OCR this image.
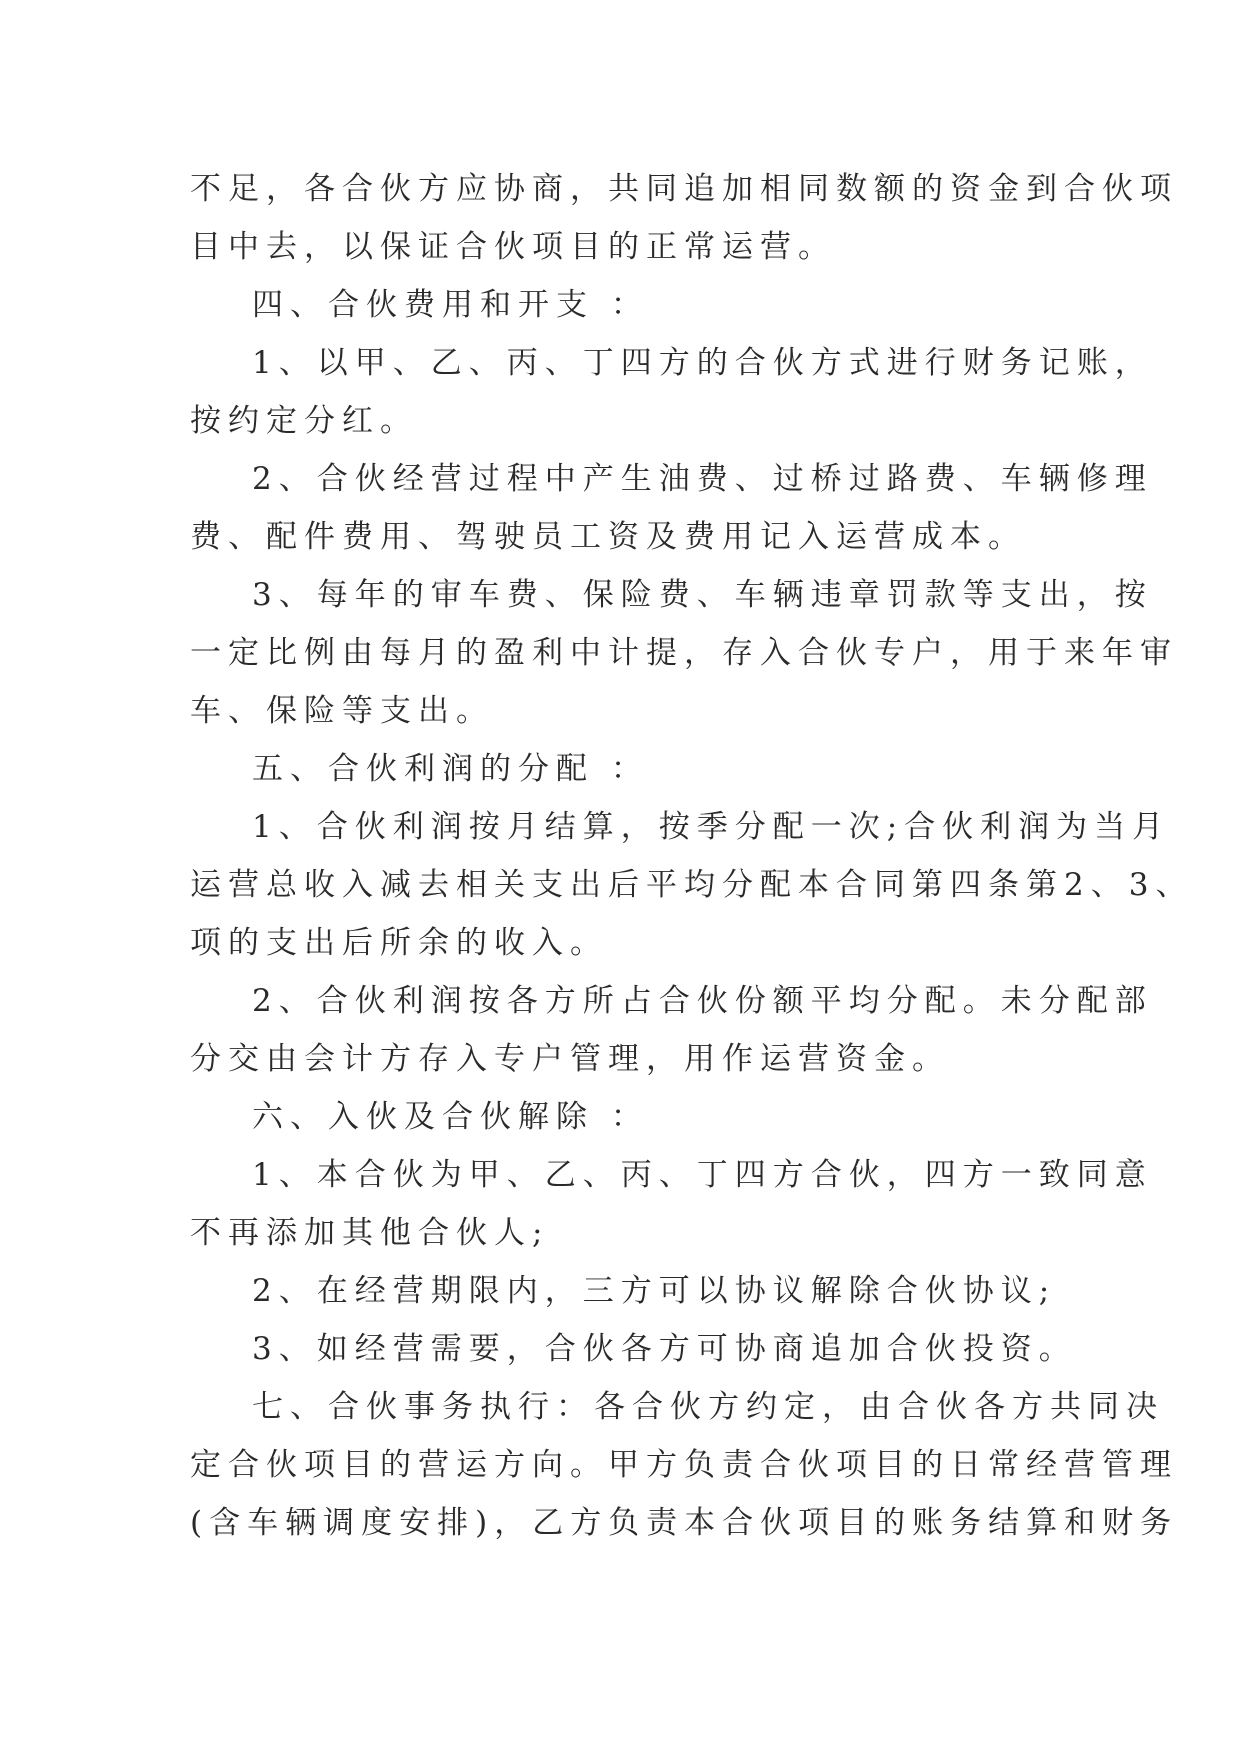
不足，各合伙方应协商，共同追加相同数额的资金到合伙项
目中去，以保证合伙项目的正常运营。
四、合伙费用和开支 ：
1、以甲、乙、丙、丁四方的合伙方式进行财务记账，
按约定分红。
2、合伙经营过程中产生油费、过桥过路费、车辆修理
费、配件费用、驾驶员工资及费用记入运营成本。
3、每年的审车费、保险费、车辆违章罚款等支出，按
一定比例由每月的盈利中计提，存入合伙专户，用于来年审
车、保险等支出。
五、合伙利润的分配 ：
1、合伙利润按月结算，按季分配一次;合伙利润为当月
运营总收入减去相关支出后平均分配本合同第四条第2、3、
项的支出后所余的收入。
2、合伙利润按各方所占合伙份额平均分配。未分配部
分交由会计方存入专户管理，用作运营资金。
六、入伙及合伙解除 ：
1、本合伙为甲、乙、丙、丁四方合伙，四方一致同意
不再添加其他合伙人;
2、在经营期限内，三方可以协议解除合伙协议;
3、如经营需要，合伙各方可协商追加合伙投资。
七、合伙事务执行：各合伙方约定，由合伙各方共同决
定合伙项目的营运方向。甲方负责合伙项目的日常经营管理
(含车辆调度安排)，乙方负责本合伙项目的账务结算和财务
